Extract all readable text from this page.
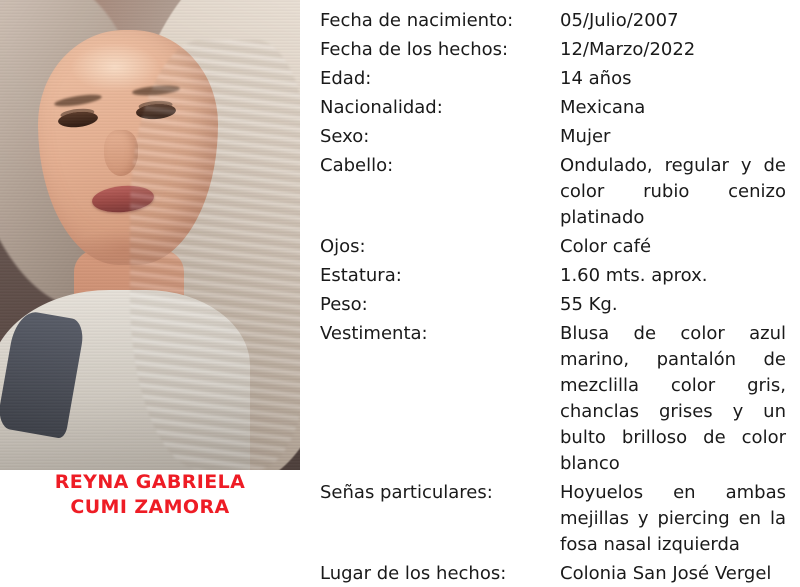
REYNA GABRIELA
CUMI ZAMORA
Fecha de nacimiento:	05/Julio/2007
Fecha de los hechos:	12/Marzo/2022
Edad:	14 años
Nacionalidad:	Mexicana
Sexo:	Mujer
Cabello:	Ondulado, regular y de color rubio cenizo platinado
Ojos:	Color café
Estatura:	1.60 mts. aprox.
Peso:	55 Kg.
Vestimenta:	Blusa de color azul marino, pantalón de mezclilla color gris, chanclas grises y un bulto brilloso de color blanco
Señas particulares:	Hoyuelos en ambas mejillas y piercing en la fosa nasal izquierda
Lugar de los hechos:	Colonia San José Vergel
